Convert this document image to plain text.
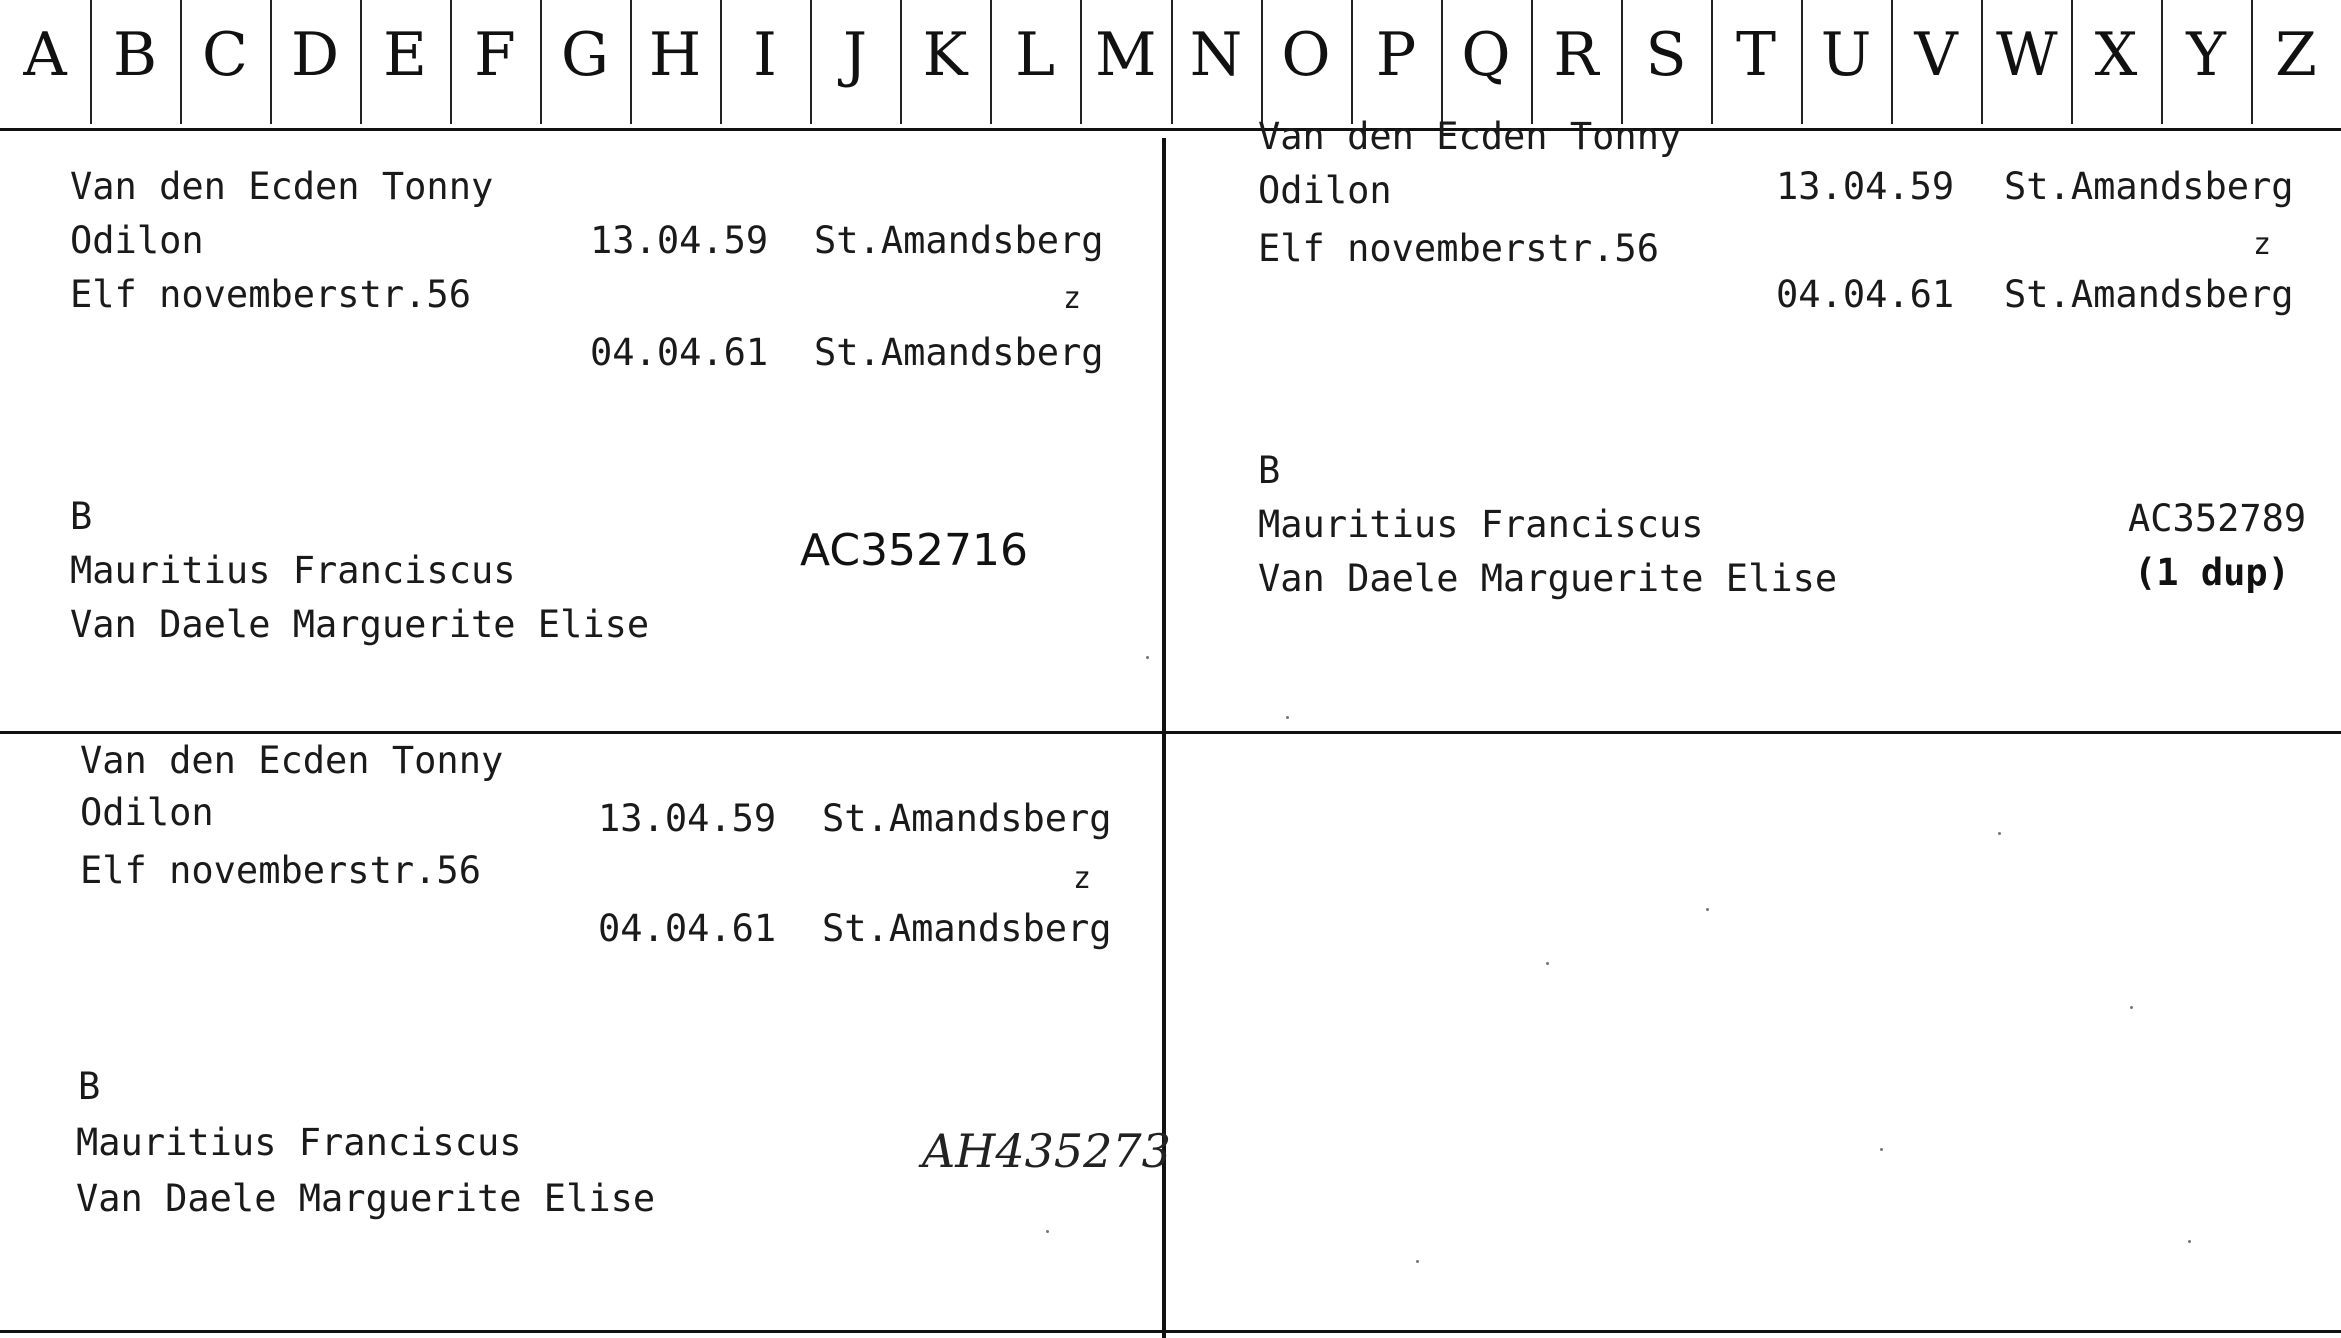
A B C D E F G H I	J K L M N O P Q R S T U V W X Y Z
Van den Ecden Tonny
Odilon
Elf novemberstr.56
13.04.59 St.Amandsberg
z
04.04.61 St.Amandsberg
B
Mauritius Franciscus
Van Daele Marguerite Elise
AC352716
Van den Ecden Tonny
Odilon
Elf novemberstr.56
13.04.59 St.Amandsberg
z
04.04.61 St.Amandsberg
B
Mauritius Franciscus
Van Daele Marguerite Elise
AC352789
(1 dup)
Van den Ecden Tonny
Odilon
Elf novemberstr.56
13.04.59 St.Amandsberg
z
04.04.61 St.Amandsberg
B
Mauritius Franciscus
Van Daele Marguerite Elise
AH435273
